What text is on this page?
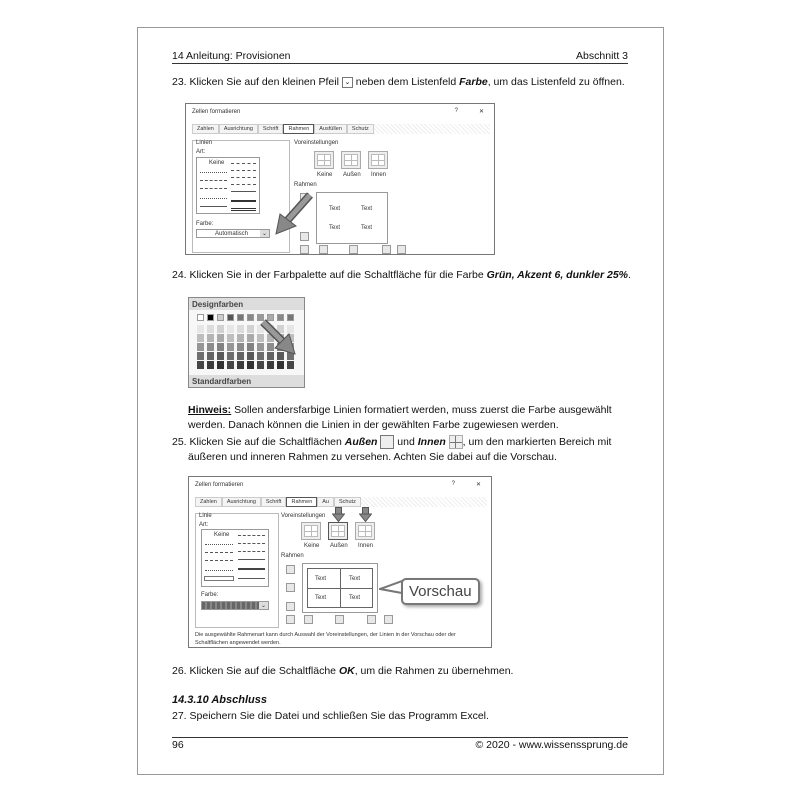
14 Anleitung: Provisionen	Abschnitt 3
23. Klicken Sie auf den kleinen Pfeil ⌄ neben dem Listenfeld Farbe, um das Listenfeld zu öffnen.
Zellen formatieren	?	✕
Zahlen	Ausrichtung	Schrift	Rahmen	Ausfüllen	Schutz
Linien
Art:
Keine
Farbe:
Automatisch	⌄
Voreinstellungen
Keine Außen Innen
Rahmen
Text	Text
Text	Text
24. Klicken Sie in der Farbpalette auf die Schaltfläche für die Farbe Grün, Akzent 6, dunkler 25%.
Designfarben
Standardfarben
Hinweis: Sollen andersfarbige Linien formatiert werden, muss zuerst die Farbe ausgewählt
werden. Danach können die Linien in der gewählten Farbe zugewiesen werden.
25. Klicken Sie auf die Schaltflächen Außen und Innen , um den markierten Bereich mit
äußeren und inneren Rahmen zu versehen. Achten Sie dabei auf die Vorschau.
Zellen formatieren	?	✕
Zahlen	Ausrichtung	Schrift	Rahmen	Au	Schutz
Linie
Art:
Keine
Farbe:
⌄
Voreinstellungen
Keine Außen Innen
Rahmen
Text	Text
Text	Text	Vorschau
Die ausgewählte Rahmenart kann durch Auswahl der Voreinstellungen, der Linien in der Vorschau oder der
Schaltflächen angewendet werden.
26. Klicken Sie auf die Schaltfläche OK, um die Rahmen zu übernehmen.
14.3.10 Abschluss
27. Speichern Sie die Datei und schließen Sie das Programm Excel.
96	© 2020 - www.wissenssprung.de
